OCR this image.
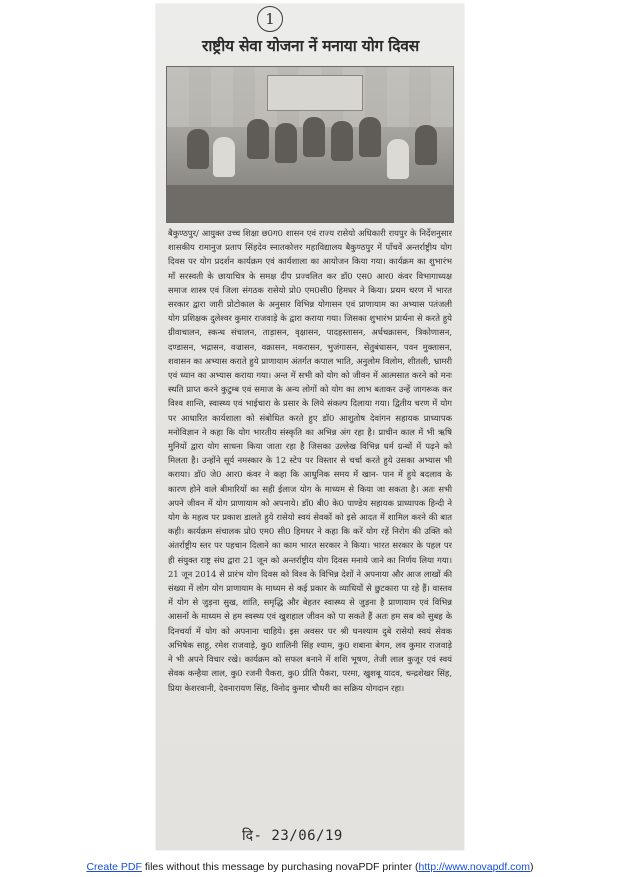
1
राष्ट्रीय सेवा योजना नें मनाया योग दिवस
बैकुण्ठपुर/ आयुक्त उच्च शिक्षा छ0ग0 शासन एवं राज्य रासेयो अधिकारी रायपुर के निर्देशनुसार शासकीय रामानुज प्रताप सिंहदेव स्नातकोत्तर महाविद्यालय बैकुण्ठपुर में पाँचवें अन्तर्राष्ट्रीय योग दिवस पर योग प्रदर्शन कार्यक्रम एवं कार्यशाला का आयोजन किया गया। कार्यक्रम का शुभारंभ माँ सरस्वती के छायाचित्र के समक्ष दीप प्रज्वलित कर डॉ0 एस0 आर0 कंवर विभागाध्यक्ष समाज शास्त्र एवं जिला संगठक रासेयो प्रो0 एम0सी0 हिमधर ने किया। प्रथम चरण में भारत सरकार द्वारा जारी प्रोटोकाल के अनुसार विभिन्न योगासन एवं प्राणायाम का अभ्यास पतंजली योग प्रशिक्षक दुलेश्वर कुमार राजवाड़े के द्वारा कराया गया। जिसका शुभारंभ प्रार्थना से करते हुये ग्रीवाचालन, स्कन्ध संचालन, ताड़ासन, वृक्षासन, पादहस्तासन, अर्धचक्रासन, त्रिकोणासन, दण्डासन, भद्रासन, वज्रासन, वक्रासन, मकरासन, भुजंगासन, सेतुबंधासन, पवन मुक्तासन, शवासन का अभ्यास कराते हुये प्राणायाम अंतर्गत कपाल भाति, अनुलोम विलोम, शीतली, भ्रामरी एवं ध्यान का अभ्यास कराया गया। अन्त में सभी को योग को जीवन में आत्मसात करने को मनः स्थति प्राप्त करने कुटुम्ब एवं समाज के अन्य लोगों को योग का लाभ बताकर उन्हें जागरूक कर विश्व शान्ति, स्वास्थ्य एवं भाईचारा के प्रसार के लिये संकल्प दिलाया गया। द्वितीय चरण में योग पर आधारित कार्यशाला को संबोधित करते हुए डॉ0 आशुतोष देवांगन सहायक प्राध्यापक मनोविज्ञान ने कहा कि योग भारतीय संस्कृति का अभिन्न अंग रहा है। प्राचीन काल में भी ऋषि मुनियों द्वारा योग साधना किया जाता रहा है जिसका उल्लेख विभिन्न धर्म ग्रन्थों में पढ़ने को मिलता है। उन्होंने सूर्य नमस्कार के 12 स्टेप पर विस्तार से चर्चा करते हुये उसका अभ्यास भी कराया। डॉ0 जे0 आर0 कंवर ने कहा कि आधुनिक समय में खान- पान में हुये बदलाव के कारण होने वाले बीमारियों का सही ईलाज योग के माध्यम से किया जा सकता है। अतः सभी अपने जीवन में योग प्राणायाम को अपनाये। डॉ0 बी0 के0 पाण्डेय सहायक प्राध्यापक हिन्दी ने योग के महत्व पर प्रकाश डालते हुये रासेयो स्वयं सेवकों को इसे आदत में शामिल करने की बात कही। कार्यक्रम संचालक प्रो0 एम0 सी0 हिमधर ने कहा कि करें योग रहें निरोग की उक्ति को अंतर्राष्ट्रीय स्तर पर पहचान दिलाने का काम भारत सरकार ने किया। भारत सरकार के पहल पर ही संयुक्त राष्ट्र संघ द्वारा 21 जून को अन्तर्राष्ट्रीय योग दिवस मनाये जाने का निर्णय लिया गया। 21 जून 2014 से प्रारंभ योग दिवस को विश्व के विभिन्न देशों ने अपनाया और आज लाखों की संख्या में लोग योग प्राणायाम के माध्यम से कई प्रकार के व्याधियों से छुटकारा पा रहे हैं। वास्तव में योग से जुड़ना सुख, शांति, समृद्धि और बेहतर स्वास्थ्य से जुड़ना है प्राणायाम एवं विभिन्न आसनों के माध्यम से हम स्वस्थ्य एवं खुशहाल जीवन को पा सकते हैं अतः हम सब को सुबह के दिनचर्या में योग को अपनाना चाहिये। इस अवसर पर श्री घनश्याम दुबे रासेयो स्वयं सेवक अभिषेक साहू, रमेश राजवाड़े, कु0 शालिनी सिंह श्याम, कु0 शबाना बेगम, लव कुमार राजवाड़े ने भी अपने विचार रखे। कार्यक्रम को सफल बनाने में शशि भूषण, तेजी लाल कुजूर एवं स्वयं सेवक कन्हैया लाल, कु0 रजनी पैकरा, कु0 प्रीति पैकरा, परमा, खुशबू यादव, चन्द्रशेखर सिंह, प्रिया केशरवानी, देवनारायण सिंह, विनोद कुमार चौधरी का सक्रिय योगदान रहा।
दि- 23/06/19
Create PDF files without this message by purchasing novaPDF printer (http://www.novapdf.com)
